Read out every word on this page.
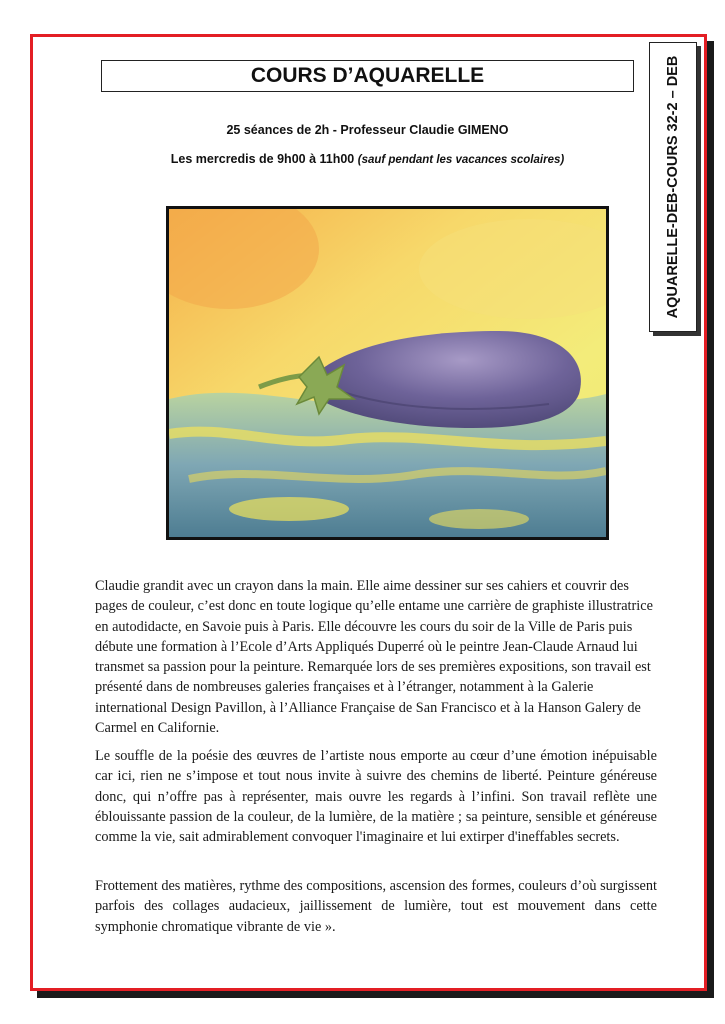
COURS D’AQUARELLE
25 séances de 2h - Professeur Claudie GIMENO
Les mercredis de 9h00 à 11h00 (sauf pendant les vacances scolaires)	AQUARELLE-DEB-COURS 32-2 – DEB

Claudie grandit avec un crayon dans la main. Elle aime dessiner sur ses cahiers et couvrir des pages de couleur, c’est donc en toute logique qu’elle entame une carrière de graphiste illustratrice en autodidacte, en Savoie puis à Paris. Elle découvre les cours du soir de la Ville de Paris puis débute une formation à l’Ecole d’Arts Appliqués Duperré où le peintre Jean-Claude Arnaud lui transmet sa passion pour la peinture. Remarquée lors de ses premières expositions, son travail est présenté dans de nombreuses galeries françaises et à l’étranger, notamment à la Galerie international Design Pavillon, à l’Alliance Française de San Francisco et à la Hanson Galery de Carmel en Californie.

Le souffle de la poésie des œuvres de l’artiste nous emporte au cœur d’une émotion inépuisable car ici, rien ne s’impose et tout nous invite à suivre des chemins de liberté. Peinture généreuse donc, qui n’offre pas à représenter, mais ouvre les regards à l’infini. Son travail reflète une éblouissante passion de la couleur, de la lumière, de la matière ; sa peinture, sensible et généreuse comme la vie, sait admirablement convoquer l'imaginaire et lui extirper d'ineffables secrets.

Frottement des matières, rythme des compositions, ascension des formes, couleurs d’où surgissent parfois des collages audacieux, jaillissement de lumière, tout est mouvement dans cette symphonie chromatique vibrante de vie ».
